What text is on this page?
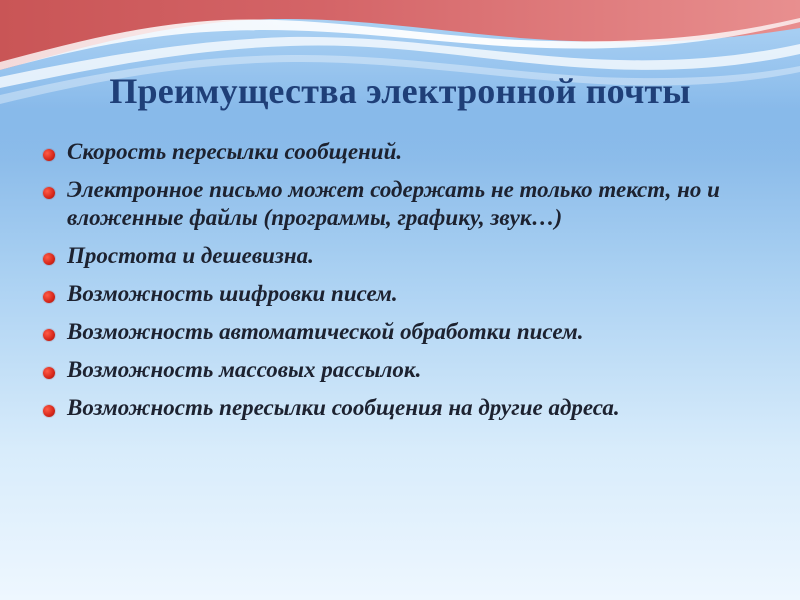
Преимущества электронной почты
Скорость пересылки сообщений.
Электронное письмо может содержать не только текст, но и вложенные файлы (программы, графику, звук…)
Простота и дешевизна.
Возможность шифровки писем.
Возможность автоматической обработки писем.
Возможность массовых рассылок.
Возможность пересылки сообщения на другие адреса.
